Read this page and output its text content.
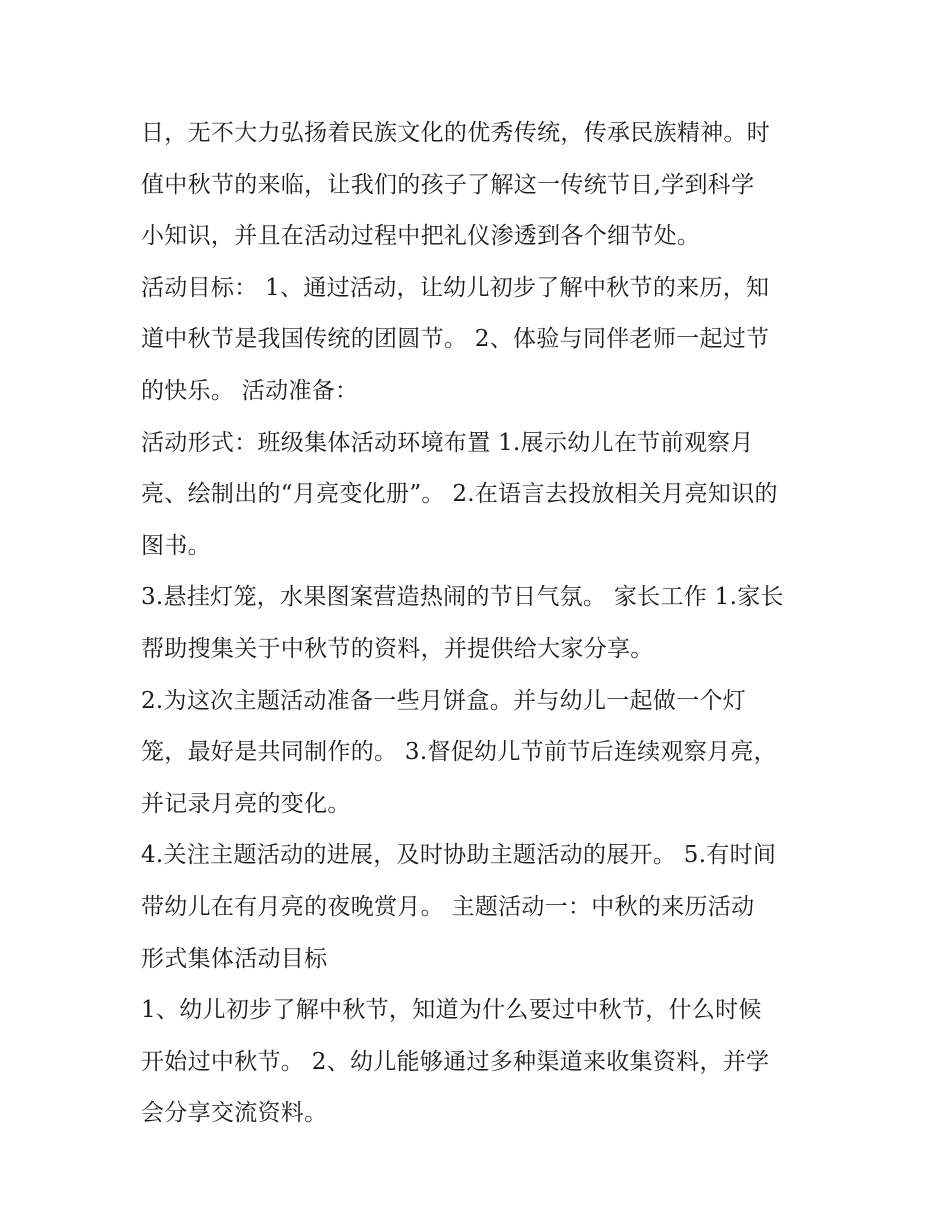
日，无不大力弘扬着民族文化的优秀传统，传承民族精神。时
值中秋节的来临，让我们的孩子了解这一传统节日,学到科学
小知识，并且在活动过程中把礼仪渗透到各个细节处。

活动目标： 1、通过活动，让幼儿初步了解中秋节的来历，知
道中秋节是我国传统的团圆节。 2、体验与同伴老师一起过节
的快乐。 活动准备：

活动形式：班级集体活动环境布置 1.展示幼儿在节前观察月
亮、绘制出的“月亮变化册”。 2.在语言去投放相关月亮知识的
图书。

3.悬挂灯笼，水果图案营造热闹的节日气氛。 家长工作 1.家长
帮助搜集关于中秋节的资料，并提供给大家分享。

2.为这次主题活动准备一些月饼盒。并与幼儿一起做一个灯
笼，最好是共同制作的。 3.督促幼儿节前节后连续观察月亮，
并记录月亮的变化。

4.关注主题活动的进展，及时协助主题活动的展开。 5.有时间
带幼儿在有月亮的夜晚赏月。 主题活动一：中秋的来历活动
形式集体活动目标

1、幼儿初步了解中秋节，知道为什么要过中秋节，什么时候
开始过中秋节。 2、幼儿能够通过多种渠道来收集资料，并学
会分享交流资料。
